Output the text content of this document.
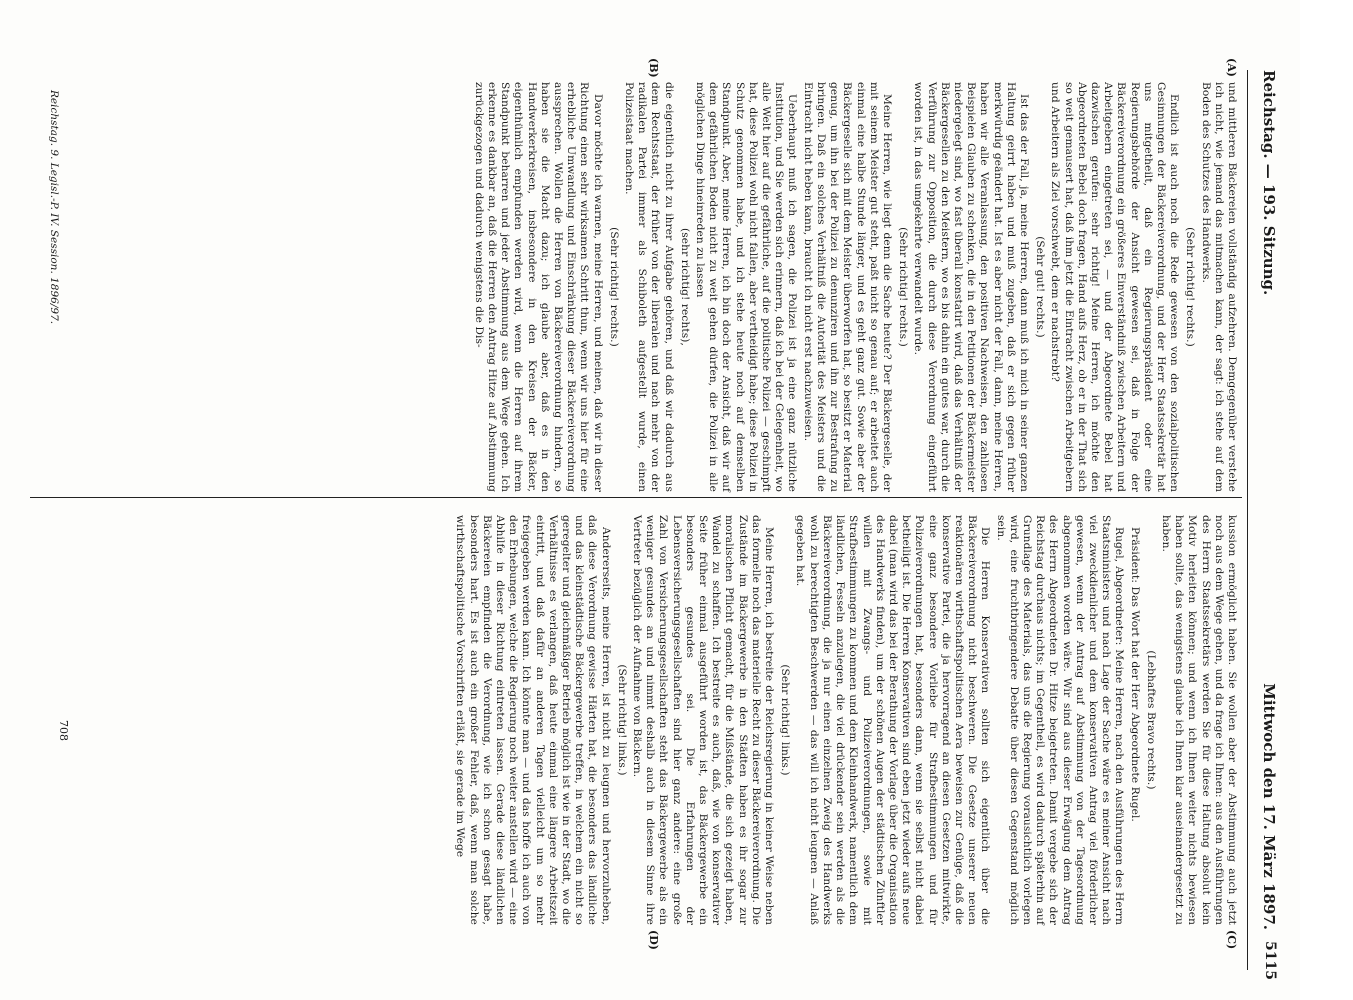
Reichstag. — 193. Sitzung.
Mittwoch den 17. März 1897.
5115
(A)
(B)
(C)
(D)

und mittleren Bäckereien vollständig aufzehren. Demgegenüber verstehe ich nicht, wie jemand das mitmachen kann, der sagt: ich stehe auf dem Boden des Schutzes des Handwerks.

(Sehr richtig! rechts.)

Endlich ist auch noch die Rede gewesen von den sozialpolitischen Gesinnungen der Bäckereiverordnung, und der Herr Staatssekretär hat uns mitgetheilt, daß ein Regierungspräsident oder eine Regierungsbehörde der Ansicht gewesen sei, daß in Folge der Bäckereiverordnung ein größeres Einverständniß zwischen Arbeitern und Arbeitgebern eingetreten sei, — und der Abgeordnete Bebel hat dazwischen gerufen: sehr richtig! Meine Herren, ich möchte den Abgeordneten Bebel doch fragen, Hand aufs Herz, ob er in der That sich so weit gemausert hat, daß ihm jetzt die Eintracht zwischen Arbeitgebern und Arbeitern als Ziel vorschwebt, dem er nachstrebt?

(Sehr gut! rechts.)

Ist das der Fall, ja, meine Herren, dann muß ich mich in seiner ganzen Haltung geirrt haben und muß zugeben, daß er sich gegen früher merkwürdig geändert hat. Ist es aber nicht der Fall, dann, meine Herren, haben wir alle Veranlassung, den positiven Nachweisen, den zahllosen Beispielen Glauben zu schenken, die in den Petitionen der Bäckermeister niedergelegt sind, wo fast überall konstatirt wird, daß das Verhältniß der Bäckergesellen zu den Meistern, wo es bis dahin ein gutes war, durch die Verführung zur Opposition, die durch diese Verordnung eingeführt worden ist, in das umgekehrte verwandelt wurde.

(Sehr richtig! rechts.)

Meine Herren, wie liegt denn die Sache heute? Der Bäckergeselle, der mit seinem Meister gut steht, paßt nicht so genau auf; er arbeitet auch einmal eine halbe Stunde länger, und es geht ganz gut. Sowie aber der Bäckergeselle sich mit dem Meister überworfen hat, so besitzt er Material genug, um ihn bei der Polizei zu denunziren und ihn zur Bestrafung zu bringen. Daß ein solches Verhältniß die Autorität des Meisters und die Eintracht nicht heben kann, braucht ich nicht erst nachzuweisen.

Ueberhaupt muß ich sagen, die Polizei ist ja eine ganz nützliche Institution, und Sie werden sich erinnern, daß ich bei der Gelegenheit, wo alle Welt hier auf die gefährliche, auf die politische Polizei — geschimpft hat, diese Polizei wohl nicht fallen, aber vertheidigt habe; diese Polizei in Schutz genommen habe, und ich stehe heute noch auf demselben Standpunkt. Aber, meine Herren, ich bin doch der Ansicht, daß wir auf dem gefährlichen Boden nicht zu weit gehen dürfen, die Polizei in alle möglichen Dinge hineinreden zu lassen

(sehr richtig! rechts),

die eigentlich nicht zu ihrer Aufgabe gehören, und daß wir dadurch aus dem Rechtsstaat, der früher von der liberalen und nach mehr von der radikalen Partei immer als Schiboleth aufgestellt wurde, einen Polizeistaat machen.

(Sehr richtig! rechts.)

Davor möchte ich warnen, meine Herren, und meinen, daß wir in dieser Richtung einen sehr wirksamen Schritt thun, wenn wir uns hier für eine erhebliche Umwandlung und Einschränkung dieser Bäckereiverordnung aussprechen. Wollen die Herren von Bäckereiverordnung hindern, so haben sie die Macht dazu; ich glaube aber, daß es in den Handwerkerkreisen, insbesondere in den Kreisen der Bäcker, eigenthümlich empfunden werden wird, wenn die Herren auf ihrem Standpunkt beharren und jeder Abstimmung aus dem Wege gehen. Ich erkenne es dankbar an, daß die Herren den Antrag Hitze auf Abstimmung zurückgezogen und dadurch wenigstens die Dis-

kussion ermöglicht haben. Sie wollen aber der Abstimmung auch jetzt noch aus dem Wege gehen, und da frage ich Ihnen: aus den Ausführungen des Herrn Staatssekretärs werden Sie für diese Haltung absolut kein Motiv herleiten können; und wenn ich Ihnen weiter nichts bewiesen haben sollte, das wenigstens glaube ich Ihnen klar auseinandergesetzt zu haben.

(Lebhaftes Bravo rechts.)

Präsident: Das Wort hat der Herr Abgeordnete Rugel.

Rugel, Abgeordneter: Meine Herren, nach den Ausführungen des Herrn Staatsministers und nach Lage der Sache wäre es meiner Ansicht nach viel zweckdienlicher und dem konservativen Antrag viel förderlicher gewesen, wenn der Antrag auf Abstimmung von der Tagesordnung abgenommen worden wäre. Wir sind aus dieser Erwägung dem Antrag des Herrn Abgeordneten Dr. Hitze beigetreten. Damit vergebe sich der Reichstag durchaus nichts; im Gegentheil, es wird dadurch späterhin auf Grundlage des Materials, das uns die Regierung vorausichtlich vorlegen wird, eine fruchtbringendere Debatte über diesen Gegenstand möglich sein.

Die Herren Konservativen sollten sich eigentlich über die Bäckereiverordnung nicht beschweren. Die Gesetze unserer neuen reaktionären wirthschaftspolitischen Aera beweisen zur Genüge, daß die konservative Partei, die ja hervorragend an diesen Gesetzen mitwirkte, eine ganz besondere Vorliebe für Strafbestimmungen und für Polizeiverordnungen hat, besonders dann, wenn sie selbst nicht dabei betheiligt ist. Die Herren Konservativen sind eben jetzt wieder aufs neue dabei (man wird das bei der Berathung der Vorlage über die Organisation des Handwerks finden), um der schönen Augen der städtischen Zünftler willen mit Zwangs- und Polizeiverordnungen, sowie mit Strafbestimmungen zu kommen und dem Kleinhandwerk, namentlich dem ländlichen, Fesseln anzulegen, die viel drückender sein werden als die Bäckereiverordnung, die ja nur einen einzelnen Zweig des Handwerks wohl zu berechtigten Beschwerden — das will ich nicht leugnen — Anlaß gegeben hat.

(Sehr richtig! links.)

Meine Herren, ich bestreite der Reichsregierung in keiner Weise neben das formelle noch das materielle Recht zu dieser Bäckereiverordnung. Die Zustände im Bäckergewerbe in den Städten haben es ihr sogar zur moralischen Pflicht gemacht, für die Mißstände, die sich gezeigt haben, Wandel zu schaffen. Ich bestreite es auch, daß, wie von konservativer Seite früher einmal ausgeführt worden ist, das Bäckergewerbe ein besonders gesundes sei. Die Erfahrungen der Lebensversicherungsgesellschaften sind hier ganz andere: eine große Zahl von Versicherungsgesellschaften steht das Bäckergewerbe als ein weniger gesundes an und nimmt deshalb auch in diesem Sinne ihre Vertreter bezüglich der Aufnahme von Bäckern.

(Sehr richtig! links.)

Andererseits, meine Herren, ist nicht zu leugnen und hervorzuheben, daß diese Verordnung gewisse Härten hat, die besonders das ländliche und das kleinstädtische Bäckergewerbe treffen, in welchem ein nicht so geregelter und gleichmäßiger Betrieb möglich ist wie in der Stadt, wo die Verhältnisse es verlangen, daß heute einmal eine längere Arbeitszeit eintritt, und daß dafür an anderen Tagen vielleicht um so mehr freigegeben werden kann. Ich könnte man — und das hoffe ich auch von den Erhebungen, welche die Regierung noch weiter anstellen wird — eine Abhilfe in dieser Richtung eintreten lassen. Gerade diese ländlichen Bäckereien empfinden die Verordnung, wie ich schon gesagt habe, besonders hart. Es ist auch ein großer Fehler, daß, wenn man solche wirthschaftspolitische Vorschriften erläßt, sie gerade im Wege

Reichstag. 9. Legisl.-P. IV. Session. 1896/97.
708
